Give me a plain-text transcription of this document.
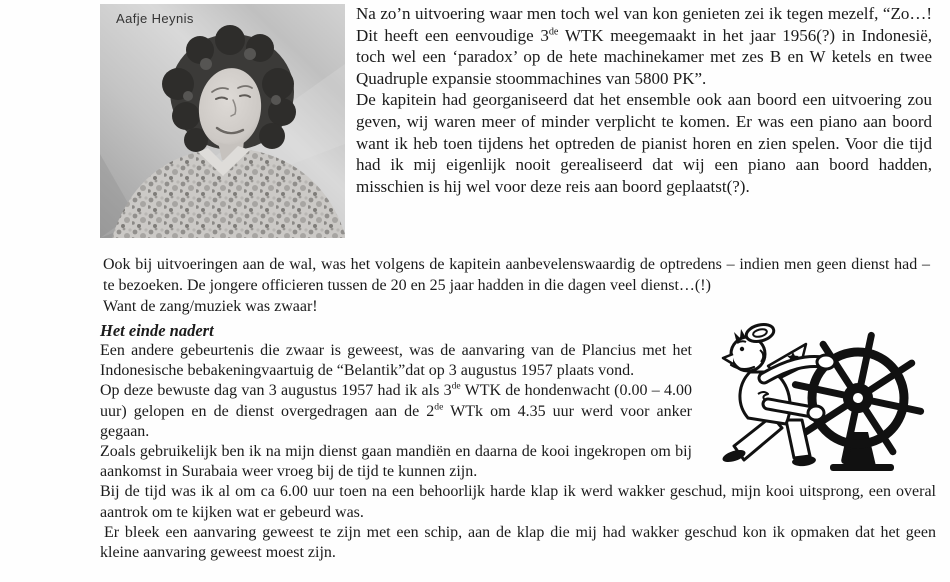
Aafje Heynis	Na zo’n uitvoering waar men toch wel van kon genieten zei ik tegen mezelf, “Zo…! Dit heeft een eenvoudige 3de WTK meegemaakt in het jaar 1956(?) in Indonesië, toch wel een ‘paradox’ op de hete machinekamer met zes B en W ketels en twee Quadruple expansie stoommachines van 5800 PK”.

De kapitein had georganiseerd dat het ensemble ook aan boord een uitvoering zou geven, wij waren meer of minder verplicht te komen. Er was een piano aan boord want ik heb toen tijdens het optreden de pianist horen en zien spelen. Voor die tijd had ik mij eigenlijk nooit gerealiseerd dat wij een piano aan boord hadden, misschien is hij wel voor deze reis aan boord geplaatst(?).

Ook bij uitvoeringen aan de wal, was het volgens de kapitein aanbevelenswaardig de optredens – indien men geen dienst had – te bezoeken. De jongere officieren tussen de 20 en 25 jaar hadden in die dagen veel dienst…(!)

Want de zang/muziek was zwaar!

Het einde nadert

Een andere gebeurtenis die zwaar is geweest, was de aanvaring van de Plancius met het Indonesische bebakeningvaartuig de “Belantik”dat op 3 augustus 1957 plaats vond.

Op deze bewuste dag van 3 augustus 1957 had ik als 3de WTK de hondenwacht (0.00 – 4.00 uur) gelopen en de dienst overgedragen aan de 2de WTk om 4.35 uur werd voor anker gegaan.

Zoals gebruikelijk ben ik na mijn dienst gaan mandiën en daarna de kooi ingekropen om bij aankomst in Surabaia weer vroeg bij de tijd te kunnen zijn.

Bij de tijd was ik al om ca 6.00 uur toen na een behoorlijk harde klap ik werd wakker geschud, mijn kooi uitsprong, een overal aantrok om te kijken wat er gebeurd was.

Er bleek een aanvaring geweest te zijn met een schip, aan de klap die mij had wakker geschud kon ik opmaken dat het geen kleine aanvaring geweest moest zijn.
